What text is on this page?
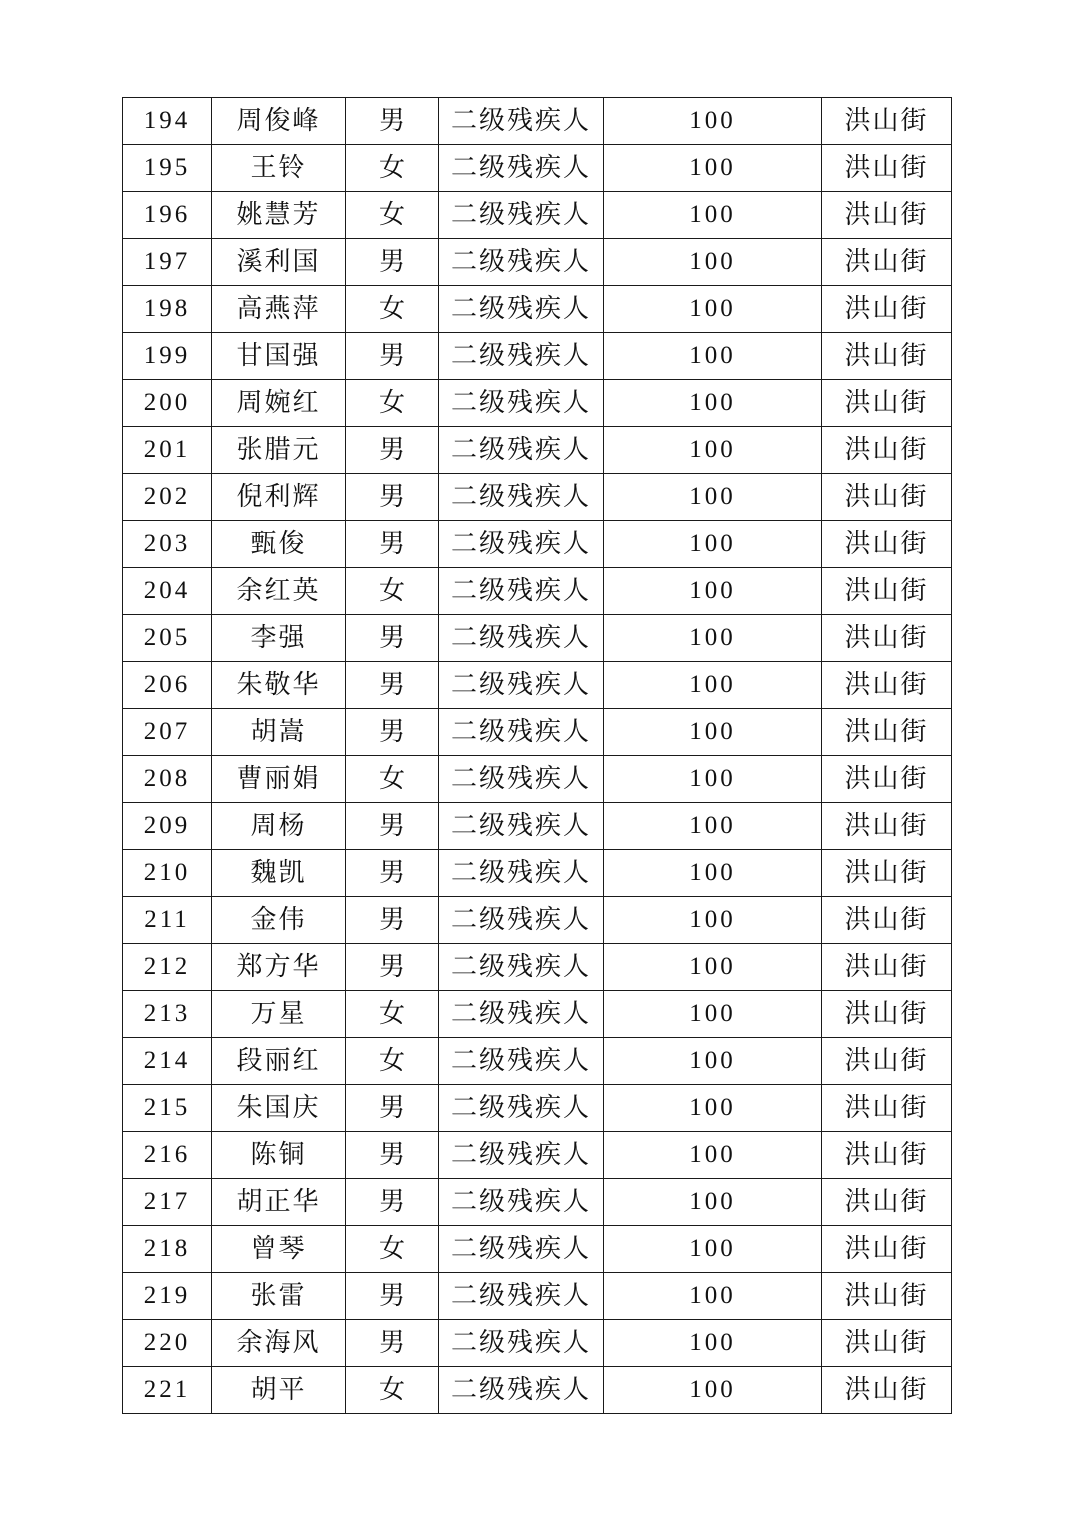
194	周俊峰	男	二级残疾人	100	洪山街
195	王铃	女	二级残疾人	100	洪山街
196	姚慧芳	女	二级残疾人	100	洪山街
197	溪利国	男	二级残疾人	100	洪山街
198	高燕萍	女	二级残疾人	100	洪山街
199	甘国强	男	二级残疾人	100	洪山街
200	周婉红	女	二级残疾人	100	洪山街
201	张腊元	男	二级残疾人	100	洪山街
202	倪利辉	男	二级残疾人	100	洪山街
203	甄俊	男	二级残疾人	100	洪山街
204	余红英	女	二级残疾人	100	洪山街
205	李强	男	二级残疾人	100	洪山街
206	朱敬华	男	二级残疾人	100	洪山街
207	胡嵩	男	二级残疾人	100	洪山街
208	曹丽娟	女	二级残疾人	100	洪山街
209	周杨	男	二级残疾人	100	洪山街
210	魏凯	男	二级残疾人	100	洪山街
211	金伟	男	二级残疾人	100	洪山街
212	郑方华	男	二级残疾人	100	洪山街
213	万星	女	二级残疾人	100	洪山街
214	段丽红	女	二级残疾人	100	洪山街
215	朱国庆	男	二级残疾人	100	洪山街
216	陈铜	男	二级残疾人	100	洪山街
217	胡正华	男	二级残疾人	100	洪山街
218	曾琴	女	二级残疾人	100	洪山街
219	张雷	男	二级残疾人	100	洪山街
220	余海风	男	二级残疾人	100	洪山街
221	胡平	女	二级残疾人	100	洪山街
